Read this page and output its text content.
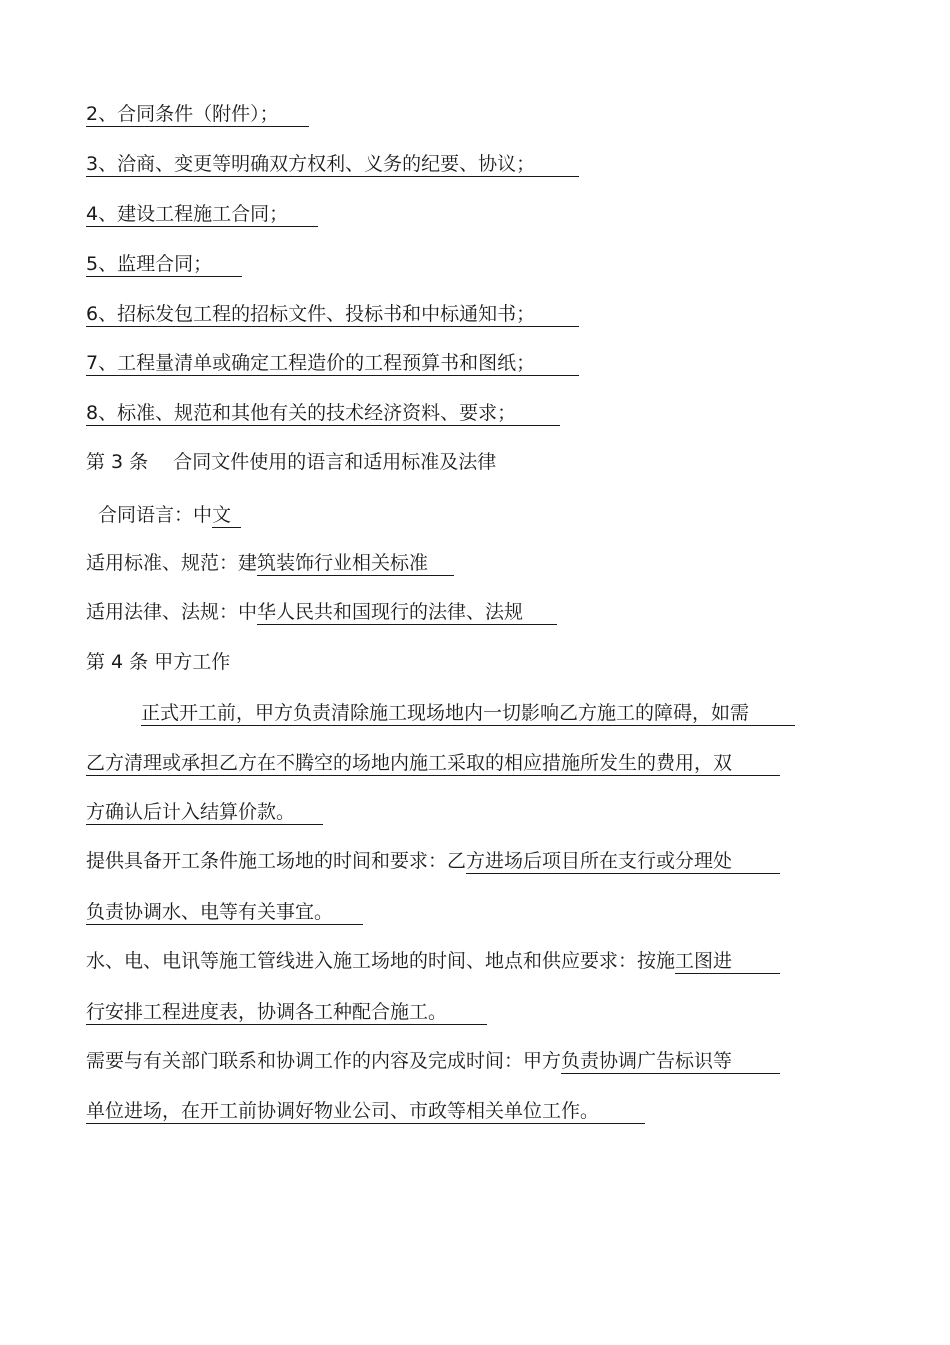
2、合同条件（附件）；
3、洽商、变更等明确双方权利、义务的纪要、协议；
4、建设工程施工合同；
5、监理合同；
6、招标发包工程的招标文件、投标书和中标通知书；
7、工程量清单或确定工程造价的工程预算书和图纸；
8、标准、规范和其他有关的技术经济资料、要求；
第 3 条　 合同文件使用的语言和适用标准及法律
合同语言：中文
适用标准、规范：建筑装饰行业相关标准
适用法律、法规：中华人民共和国现行的法律、法规
第 4 条 甲方工作
正式开工前，甲方负责清除施工现场地内一切影响乙方施工的障碍，如需
乙方清理或承担乙方在不腾空的场地内施工采取的相应措施所发生的费用，双
方确认后计入结算价款。
提供具备开工条件施工场地的时间和要求：乙方进场后项目所在支行或分理处
负责协调水、电等有关事宜。
水、电、电讯等施工管线进入施工场地的时间、地点和供应要求：按施工图进
行安排工程进度表，协调各工种配合施工。
需要与有关部门联系和协调工作的内容及完成时间：甲方负责协调广告标识等
单位进场，在开工前协调好物业公司、市政等相关单位工作。
